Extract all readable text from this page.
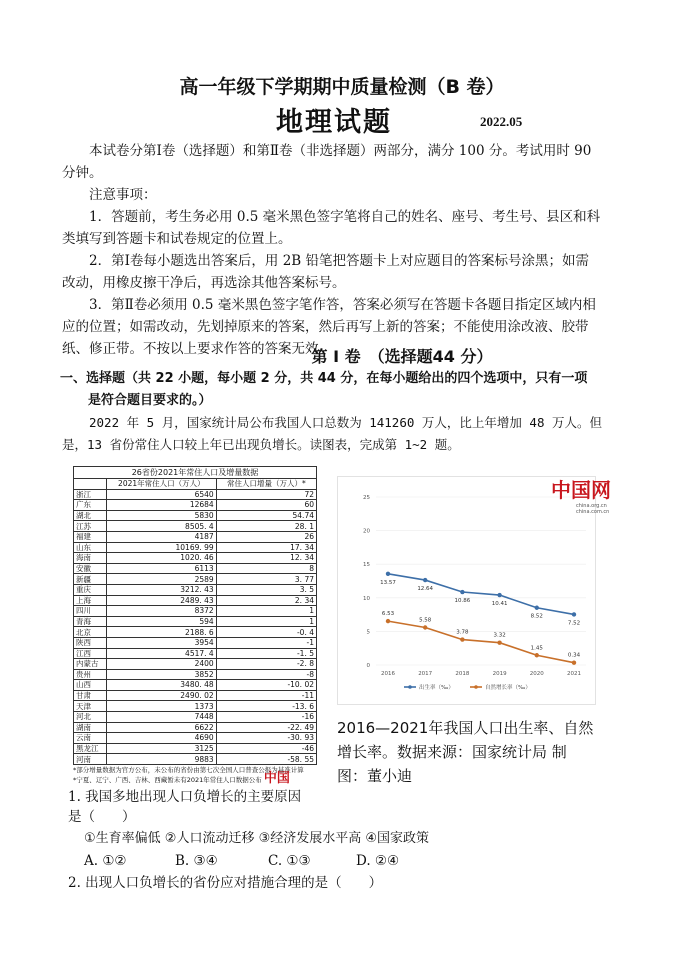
高一年级下学期期中质量检测（B 卷）
地理试题	2022.05
本试卷分第Ⅰ卷（选择题）和第Ⅱ卷（非选择题）两部分，满分 100 分。考试用时 90
分钟。
注意事项：
1．答题前，考生务必用 0.5 毫米黑色签字笔将自己的姓名、座号、考生号、县区和科
类填写到答题卡和试卷规定的位置上。
2．第Ⅰ卷每小题选出答案后，用 2B 铅笔把答题卡上对应题目的答案标号涂黑；如需
改动，用橡皮擦干净后，再选涂其他答案标号。
3．第Ⅱ卷必须用 0.5 毫米黑色签字笔作答，答案必须写在答题卡各题目指定区域内相
应的位置；如需改动，先划掉原来的答案，然后再写上新的答案；不能使用涂改液、胶带
纸、修正带。不按以上要求作答的答案无效。
第 Ⅰ 卷　（选择题44 分）
一、选择题（共 22 小题，每小题 2 分，共 44 分，在每小题给出的四个选项中，只有一项
是符合题目要求的。）
2022 年 5 月，国家统计局公布我国人口总数为 141260 万人，比上年增加 48 万人。但
是，13 省份常住人口较上年已出现负增长。读图表，完成第 1~2 题。
26省份2021年常住人口及增量数据
	2021年常住人口（万人）	常住人口增量（万人）*
浙江	6540	72
广东	12684	60
湖北	5830	54.74
江苏	8505. 4	28. 1
福建	4187	26
山东	10169. 99	17. 34
海南	1020. 46	12. 34
安徽	6113	8
新疆	2589	3. 77
重庆	3212. 43	3. 5
上海	2489. 43	2. 34
四川	8372	1
青海	594	1
北京	2188. 6	-0. 4
陕西	3954	-1
江西	4517. 4	-1. 5
内蒙古	2400	-2. 8
贵州	3852	-8
山西	3480. 48	-10. 02
甘肃	2490. 02	-11
天津	1373	-13. 6
河北	7448	-16
湖南	6622	-22. 49
云南	4690	-30. 93
黑龙江	3125	-46
河南	9883	-58. 55
*部分增量数据为官方公布，未公布的省份由第七次全国人口普查公报为基准计算
*宁夏、辽宁、广西、吉林、西藏暂未有2021年常住人口数据公布 中国
0
5
10
15
20
25
2016	2017	2018	2019	2020	2021
13.57
12.64
10.86
10.41
8.52
7.52
6.53
5.58
3.78
3.32
1.45
0.34
中国网
china.org.cn
china.com.cn
出生率（‰）	自然增长率（‰）
2016—2021年我国人口出生率、自然
增长率。数据来源：国家统计局 制
图：董小迪
1. 我国多地出现人口负增长的主要原因
是（　　）
①生育率偏低 ②人口流动迁移 ③经济发展水平高 ④国家政策
A. ①②	B. ③④	C. ①③	D. ②④
2. 出现人口负增长的省份应对措施合理的是（　　）
